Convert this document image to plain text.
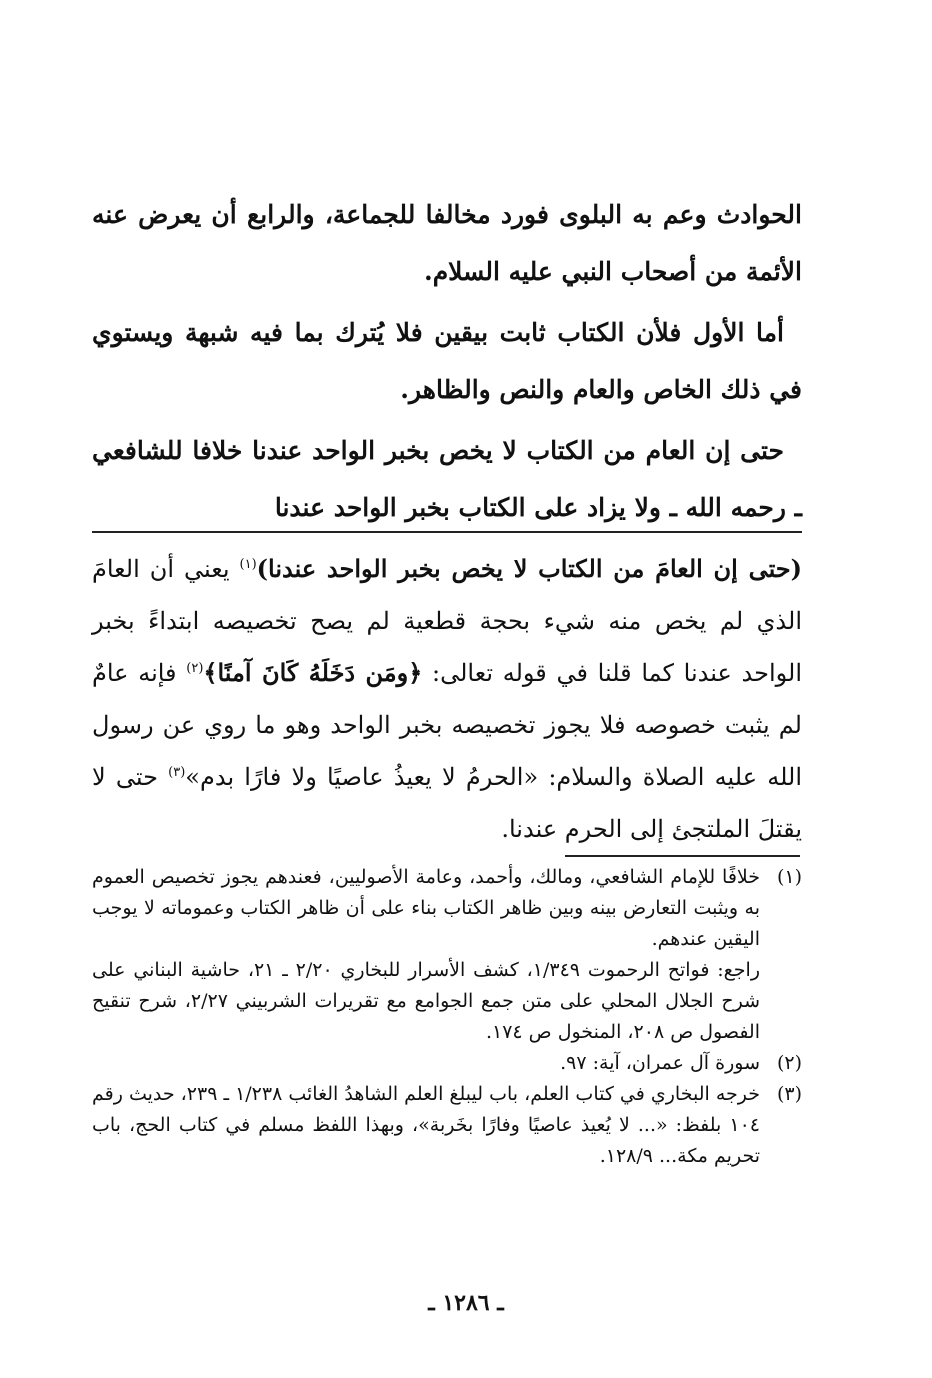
الحوادث وعم به البلوى فورد مخالفا للجماعة، والرابع أن يعرض عنه الأئمة من أصحاب النبي عليه السلام.

أما الأول فلأن الكتاب ثابت بيقين فلا يُترك بما فيه شبهة ويستوي في ذلك الخاص والعام والنص والظاهر.

حتى إن العام من الكتاب لا يخص بخبر الواحد عندنا خلافا للشافعي ـ رحمه الله ـ ولا يزاد على الكتاب بخبر الواحد عندنا

(حتى إن العامَ من الكتاب لا يخص بخبر الواحد عندنا)$^{(١)}$ يعني أن العامَ الذي لم يخص منه شيء بحجة قطعية لم يصح تخصيصه ابتداءً بخبر الواحد عندنا كما قلنا في قوله تعالى: ﴿ومَن دَخَلَهُ كَانَ آمنًا﴾$^{(٢)}$ فإنه عامٌ لم يثبت خصوصه فلا يجوز تخصيصه بخبر الواحد وهو ما روي عن رسول الله عليه الصلاة والسلام: «الحرمُ لا يعيذُ عاصيًا ولا فارًا بدم»$^{(٣)}$ حتى لا يقتلَ الملتجئ إلى الحرم عندنا.

(١)

خلافًا للإمام الشافعي، ومالك، وأحمد، وعامة الأصوليين، فعندهم يجوز تخصيص العموم به ويثبت التعارض بينه وبين ظاهر الكتاب بناء على أن ظاهر الكتاب وعموماته لا يوجب اليقين عندهم.

راجع: فواتح الرحموت ١/٣٤٩، كشف الأسرار للبخاري ٢/٢٠ ـ ٢١، حاشية البناني على شرح الجلال المحلي على متن جمع الجوامع مع تقريرات الشربيني ٢/٢٧، شرح تنقيح الفصول ص ٢٠٨، المنخول ص ١٧٤.

(٢)

سورة آل عمران، آية: ٩٧.

(٣)

خرجه البخاري في كتاب العلم، باب ليبلغ العلم الشاهدُ الغائب ١/٢٣٨ ـ ٢٣٩، حديث رقم ١٠٤ بلفظ: «... لا يُعيذ عاصيًا وفارًا بخَربة»، وبهذا اللفظ مسلم في كتاب الحج، باب تحريم مكة... ١٢٨/٩.

ـ ١٢٨٦ ـ
